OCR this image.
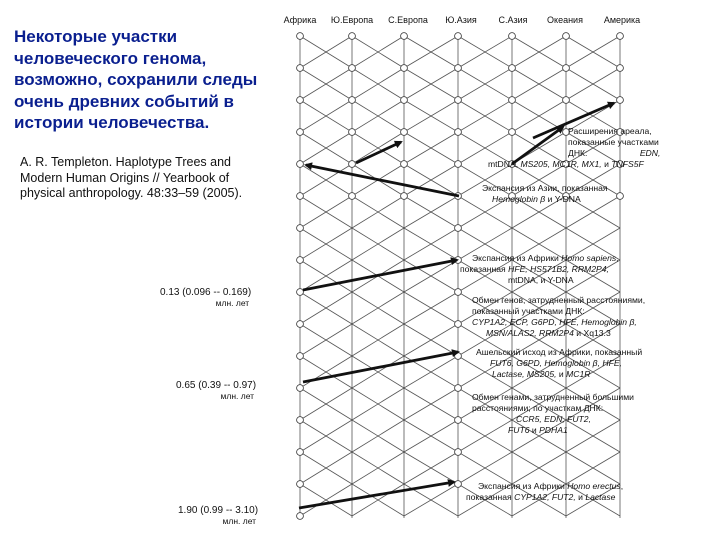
Некоторые участки человеческого генома, возможно, сохранили следы очень древних событий в истории человечества.
A. R. Templeton. Haplotype Trees and Modern Human Origins // Yearbook of physical anthropology. 48:33–59 (2005).
Африка Ю.Европа С.Европа Ю.Азия С.Азия Океания Америка
0.13 (0.096 -- 0.169)
млн. лет
0.65 (0.39 -- 0.97)
млн. лет
1.90 (0.99 -- 3.10)
млн. лет
Расширения ареала,
показанные участками
ДНК:	EDN,
mtDNA, MS205, MC1R, MX1, и TNFS5F
Экспансия из Азии, показанная
Hemoglobin β и Y-DNA
Экспансия из Африки Homo sapiens,
показанная HFE, HS571B2, RRM2P4,
mtDNA, и Y-DNA
Обмен генов, затрудненный расстояниями,
показанный участками ДНК:
CYP1A2, ECP, G6PD, HFE, Hemoglobin β,
MSN/ALAS2, RRM2P4 и Xq13.3
Ашельский исход из Африки, показанный
FUT6, G6PD, Hemoglobin β, HFE,
Lactase, MS205, и MC1R
Обмен генами, затрудненный большими
расстояниями; по участкам ДНК:
CCR5, EDN, FUT2,
FUT6 и PDHA1
Экспансия из Африки Homo erectus,
показанная CYP1A2, FUT2, и Lactase
